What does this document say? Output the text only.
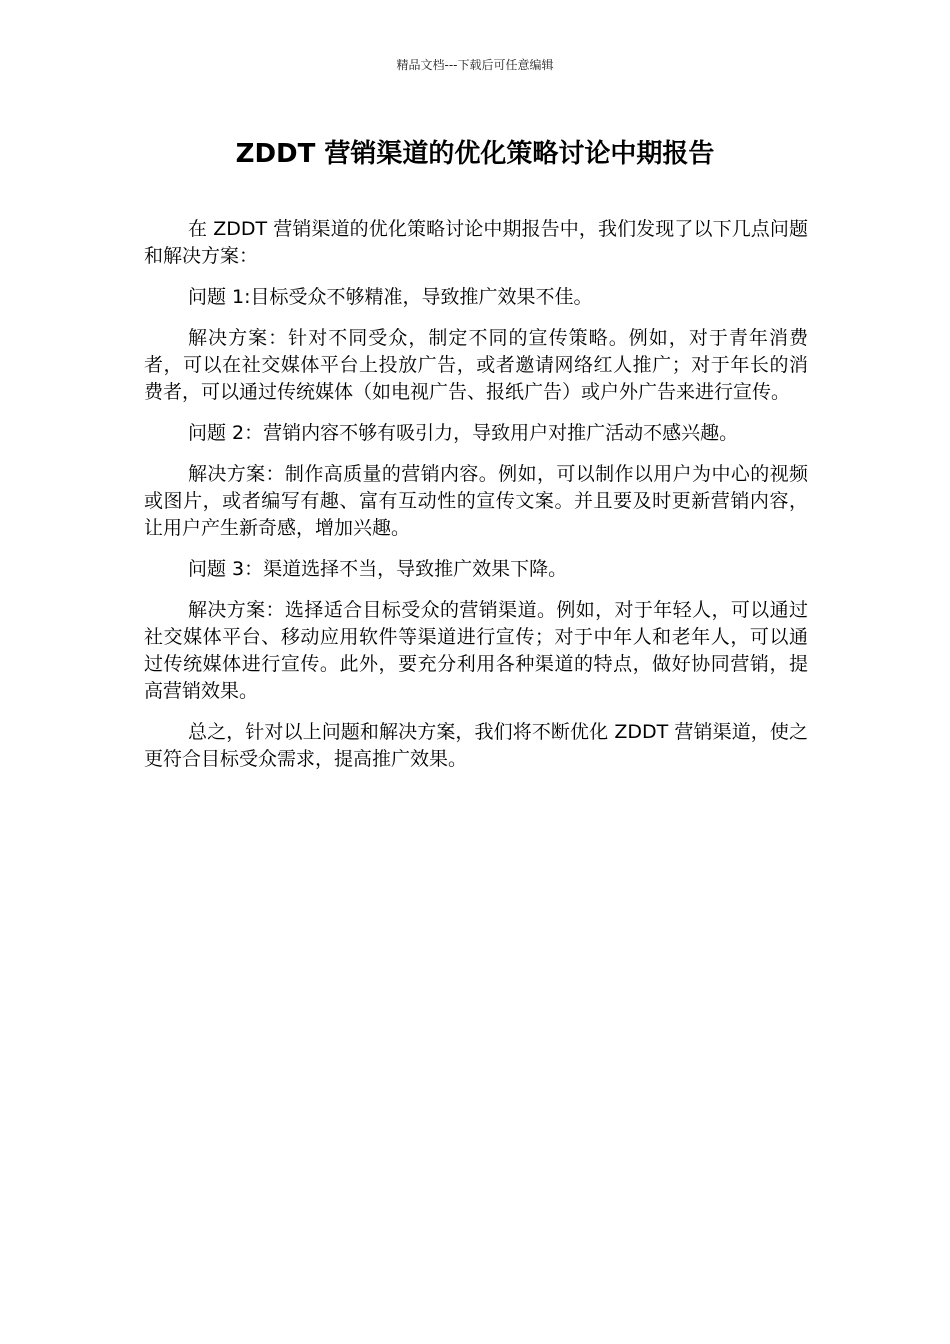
精品文档---下载后可任意编辑
ZDDT 营销渠道的优化策略讨论中期报告

在 ZDDT 营销渠道的优化策略讨论中期报告中，我们发现了以下几点问题和解决方案：

问题 1:目标受众不够精准，导致推广效果不佳。

解决方案：针对不同受众，制定不同的宣传策略。例如，对于青年消费者，可以在社交媒体平台上投放广告，或者邀请网络红人推广；对于年长的消费者，可以通过传统媒体（如电视广告、报纸广告）或户外广告来进行宣传。

问题 2：营销内容不够有吸引力，导致用户对推广活动不感兴趣。

解决方案：制作高质量的营销内容。例如，可以制作以用户为中心的视频或图片，或者编写有趣、富有互动性的宣传文案。并且要及时更新营销内容，让用户产生新奇感，增加兴趣。

问题 3：渠道选择不当，导致推广效果下降。

解决方案：选择适合目标受众的营销渠道。例如，对于年轻人，可以通过社交媒体平台、移动应用软件等渠道进行宣传；对于中年人和老年人，可以通过传统媒体进行宣传。此外，要充分利用各种渠道的特点，做好协同营销，提高营销效果。

总之，针对以上问题和解决方案，我们将不断优化 ZDDT 营销渠道，使之更符合目标受众需求，提高推广效果。
